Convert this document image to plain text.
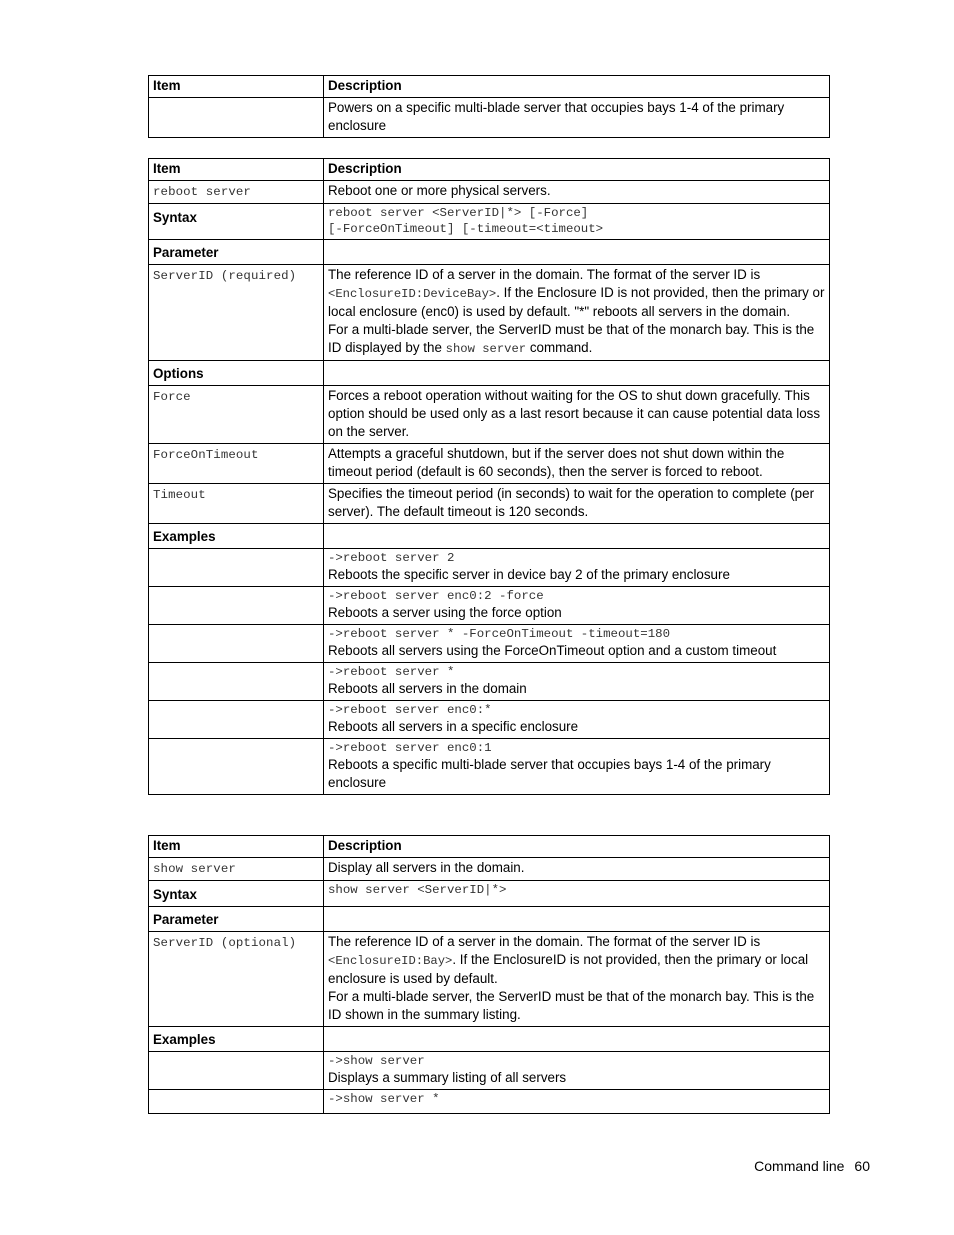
Item	Description
	Powers on a specific multi-blade server that occupies bays 1-4 of the primary enclosure
Item	Description
reboot server	Reboot one or more physical servers.
Syntax	reboot server <ServerID|*> [-Force]
[-ForceOnTimeout] [-timeout=<timeout>

Parameter	
ServerID (required)	The reference ID of a server in the domain. The format of the server ID is <EnclosureID:DeviceBay>. If the Enclosure ID is not provided, then the primary or local enclosure (enc0) is used by default. "*" reboots all servers in the domain.
For a multi-blade server, the ServerID must be that of the monarch bay. This is the ID displayed by the show server command.
Options	
Force	Forces a reboot operation without waiting for the OS to shut down gracefully. This option should be used only as a last resort because it can cause potential data loss on the server.
ForceOnTimeout	Attempts a graceful shutdown, but if the server does not shut down within the timeout period (default is 60 seconds), then the server is forced to reboot.
Timeout	Specifies the timeout period (in seconds) to wait for the operation to complete (per server). The default timeout is 120 seconds.
Examples	

	->reboot server 2
Reboots the specific server in device bay 2 of the primary enclosure

	->reboot server enc0:2 -force
Reboots a server using the force option

	->reboot server * -ForceOnTimeout -timeout=180
Reboots all servers using the ForceOnTimeout option and a custom timeout

	->reboot server *
Reboots all servers in the domain

	->reboot server enc0:*
Reboots all servers in a specific enclosure

	->reboot server enc0:1
Reboots a specific multi-blade server that occupies bays 1-4 of the primary enclosure
Item	Description
show server	Display all servers in the domain.
Syntax	show server <ServerID|*>

Parameter	
ServerID (optional)	The reference ID of a server in the domain. The format of the server ID is <EnclosureID:Bay>. If the EnclosureID is not provided, then the primary or local enclosure is used by default.
For a multi-blade server, the ServerID must be that of the monarch bay. This is the ID shown in the summary listing.
Examples	

	->show server
Displays a summary listing of all servers

	->show server *
Command line 60
